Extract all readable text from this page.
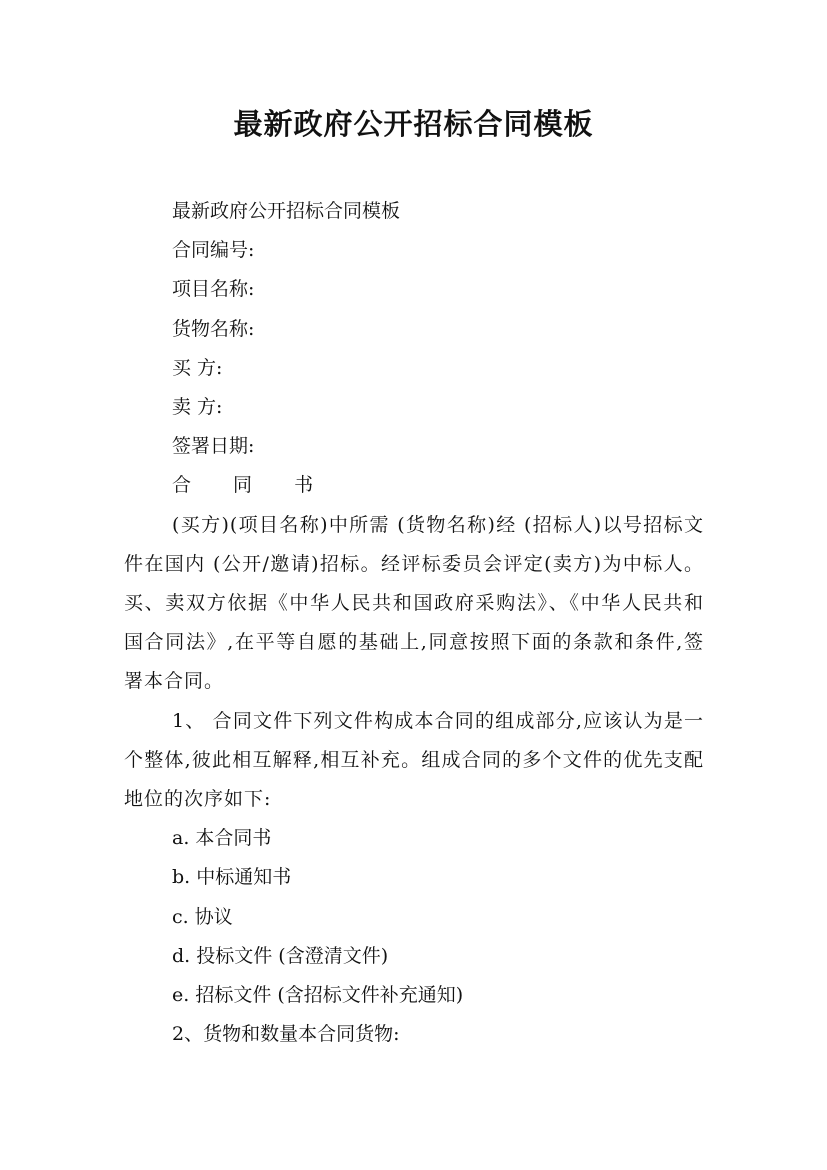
最新政府公开招标合同模板

最新政府公开招标合同模板

合同编号:

项目名称:

货物名称:

买 方:

卖 方:

签署日期:

合 同 书

(买方)(项目名称)中所需 (货物名称)经 (招标人)以号招标文件在国内 (公开/邀请)招标。经评标委员会评定(卖方)为中标人。买、卖双方依据《中华人民共和国政府采购法》、《中华人民共和国合同法》,在平等自愿的基础上,同意按照下面的条款和条件,签署本合同。

1、 合同文件下列文件构成本合同的组成部分,应该认为是一个整体,彼此相互解释,相互补充。组成合同的多个文件的优先支配地位的次序如下:

a. 本合同书

b. 中标通知书

c. 协议

d. 投标文件 (含澄清文件)

e. 招标文件 (含招标文件补充通知)

2、货物和数量本合同货物:
